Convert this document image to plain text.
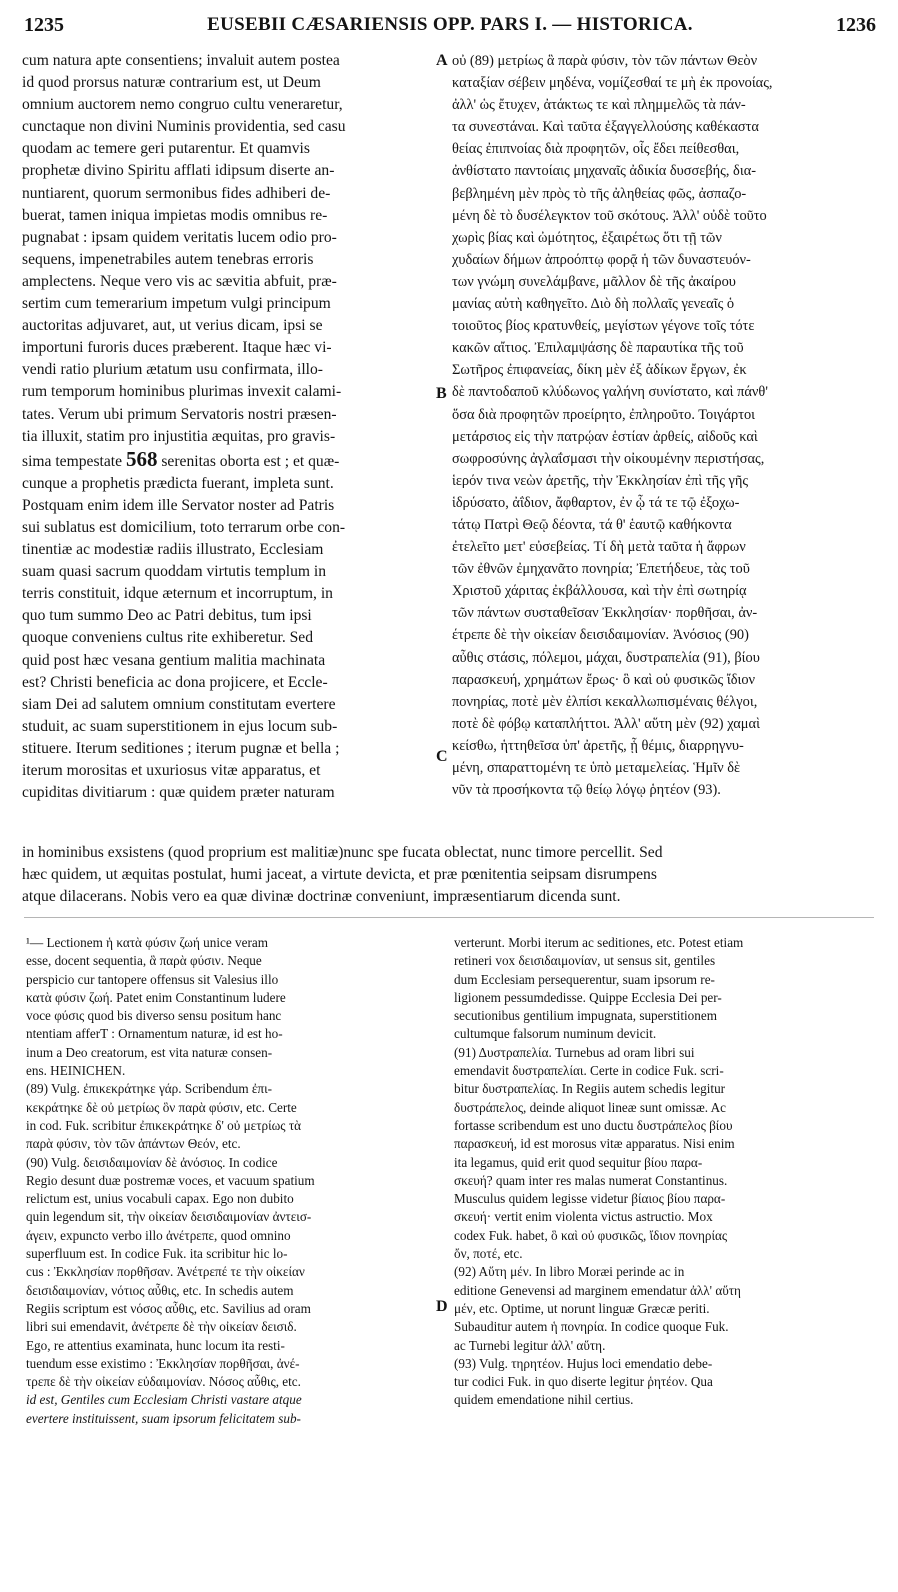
1235	EUSEBII CÆSARIENSIS OPP. PARS I. — HISTORICA.	1236
A
B
C
D
cum natura apte consentiens; invaluit autem postea
id quod prorsus naturæ contrarium est, ut Deum
omnium auctorem nemo congruo cultu veneraretur,
cunctaque non divini Numinis providentia, sed casu
quodam ac temere geri putarentur. Et quamvis
prophetæ divino Spiritu afflati idipsum diserte an-
nuntiarent, quorum sermonibus fides adhiberi de-
buerat, tamen iniqua impietas modis omnibus re-
pugnabat : ipsam quidem veritatis lucem odio pro-
sequens, impenetrabiles autem tenebras erroris
amplectens. Neque vero vis ac sævitia abfuit, præ-
sertim cum temerarium impetum vulgi principum
auctoritas adjuvaret, aut, ut verius dicam, ipsi se
importuni furoris duces præberent. Itaque hæc vi-
vendi ratio plurium ætatum usu confirmata, illo-
rum temporum hominibus plurimas invexit calami-
tates. Verum ubi primum Servatoris nostri præsen-
tia illuxit, statim pro injustitia æquitas, pro gravis-
sima tempestate 568 serenitas oborta est ; et quæ-
cunque a prophetis prædicta fuerant, impleta sunt.
Postquam enim idem ille Servator noster ad Patris
sui sublatus est domicilium, toto terrarum orbe con-
tinentiæ ac modestiæ radiis illustrato, Ecclesiam
suam quasi sacrum quoddam virtutis templum in
terris constituit, idque æternum et incorruptum, in
quo tum summo Deo ac Patri debitus, tum ipsi
quoque conveniens cultus rite exhiberetur. Sed
quid post hæc vesana gentium malitia machinata
est? Christi beneficia ac dona projicere, et Eccle-
siam Dei ad salutem omnium constitutam evertere
studuit, ac suam superstitionem in ejus locum sub-
stituere. Iterum seditiones ; iterum pugnæ et bella ;
iterum morositas et uxuriosus vitæ apparatus, et
cupiditas divitiarum : quæ quidem præter naturam
οὐ (89) μετρίως ἃ παρὰ φύσιν, τὸν τῶν πάντων Θεὸν
καταξίαν σέβειν μηδένα, νομίζεσθαί τε μὴ ἐκ προνοίας,
ἀλλ' ὡς ἔτυχεν, ἀτάκτως τε καὶ πλημμελῶς τὰ πάν-
τα συνεστάναι. Καὶ ταῦτα ἐξαγγελλούσης καθέκαστα
θείας ἐπιπνοίας διὰ προφητῶν, οἷς ἔδει πείθεσθαι,
ἀνθίστατο παντοίαις μηχαναῖς ἀδικία δυσσεβής, δια-
βεβλημένη μὲν πρὸς τὸ τῆς ἀληθείας φῶς, ἀσπαζο-
μένη δὲ τὸ δυσέλεγκτον τοῦ σκότους. Ἀλλ' οὐδὲ τοῦτο
χωρὶς βίας καὶ ὠμότητος, ἐξαιρέτως ὅτι τῇ τῶν
χυδαίων δήμων ἀπροόπτῳ φορᾷ ἡ τῶν δυναστευόν-
των γνώμη συνελάμβανε, μᾶλλον δὲ τῆς ἀκαίρου
μανίας αὐτὴ καθηγεῖτο. Διὸ δὴ πολλαῖς γενεαῖς ὁ
τοιοῦτος βίος κρατυνθείς, μεγίστων γέγονε τοῖς τότε
κακῶν αἴτιος. Ἐπιλαμψάσης δὲ παραυτίκα τῆς τοῦ
Σωτῆρος ἐπιφανείας, δίκη μὲν ἐξ ἀδίκων ἔργων, ἐκ
δὲ παντοδαποῦ κλύδωνος γαλήνη συνίστατο, καὶ πάνθ'
ὅσα διὰ προφητῶν προείρητο, ἐπληροῦτο. Τοιγάρτοι
μετάρσιος εἰς τὴν πατρῴαν ἑστίαν ἀρθείς, αἰδοῦς καὶ
σωφροσύνης ἀγλαΐσμασι τὴν οἰκουμένην περιστήσας,
ἱερόν τινα νεὼν ἀρετῆς, τὴν Ἐκκλησίαν ἐπὶ τῆς γῆς
ἱδρύσατο, ἀΐδιον, ἄφθαρτον, ἐν ᾧ τά τε τῷ ἐξοχω-
τάτῳ Πατρὶ Θεῷ δέοντα, τά θ' ἑαυτῷ καθήκοντα
ἐτελεῖτο μετ' εὐσεβείας. Τί δὴ μετὰ ταῦτα ἡ ἄφρων
τῶν ἐθνῶν ἐμηχανᾶτο πονηρία; Ἐπετήδευε, τὰς τοῦ
Χριστοῦ χάριτας ἐκβάλλουσα, καὶ τὴν ἐπὶ σωτηρίᾳ
τῶν πάντων συσταθεῖσαν Ἐκκλησίαν· πορθῆσαι, ἀν-
έτρεπε δὲ τὴν οἰκείαν δεισιδαιμονίαν. Ἀνόσιος (90)
αὖθις στάσις, πόλεμοι, μάχαι, δυστραπελία (91), βίου
παρασκευή, χρημάτων ἔρως· ὃ καὶ οὐ φυσικῶς ἴδιον
πονηρίας, ποτὲ μὲν ἐλπίσι κεκαλλωπισμέναις θέλγοι,
ποτὲ δὲ φόβῳ καταπλήττοι. Ἀλλ' αὕτη μὲν (92) χαμαὶ
κείσθω, ἡττηθεῖσα ὑπ' ἀρετῆς, ᾗ θέμις, διαρρηγνυ-
μένη, σπαραττομένη τε ὑπὸ μεταμελείας. Ἡμῖν δὲ
νῦν τὰ προσήκοντα τῷ θείῳ λόγῳ ῥητέον (93).
in hominibus exsistens (quod proprium est malitiæ)nunc spe fucata oblectat, nunc timore percellit. Sed
hæc quidem, ut æquitas postulat, humi jaceat, a virtute devicta, et præ pœnitentia seipsam disrumpens
atque dilacerans. Nobis vero ea quæ divinæ doctrinæ conveniunt, impræsentiarum dicenda sunt.
¹— Lectionem ἡ κατὰ φύσιν ζωή unice veram
esse, docent sequentia, ἃ παρὰ φύσιν. Neque
perspicio cur tantopere offensus sit Valesius illo
κατὰ φύσιν ζωή. Patet enim Constantinum ludere
voce φύσις quod bis diverso sensu positum hanc
ntentiam afferT : Ornamentum naturæ, id est ho-
inum a Deo creatorum, est vita naturæ consen-
ens. HEINICHEN.
(89) Vulg. ἐπικεκράτηκε γάρ. Scribendum ἐπι-
κεκράτηκε δὲ οὐ μετρίως ὃν παρὰ φύσιν, etc. Certe
in cod. Fuk. scribitur ἐπικεκράτηκε δ' οὐ μετρίως τὰ
παρὰ φύσιν, τὸν τῶν ἁπάντων Θεόν, etc.
(90) Vulg. δεισιδαιμονίαν δὲ ἀνόσιος. In codice
Regio desunt duæ postremæ voces, et vacuum spatium
relictum est, unius vocabuli capax. Ego non dubito
quin legendum sit, τὴν οἰκείαν δεισιδαιμονίαν ἀντεισ-
άγειν, expuncto verbo illo ἀνέτρεπε, quod omnino
superfluum est. In codice Fuk. ita scribitur hic lo-
cus : Ἐκκλησίαν πορθῆσαν. Ἀνέτρεπέ τε τὴν οἰκείαν
δεισιδαιμονίαν, νότιος αὖθις, etc. In schedis autem
Regiis scriptum est νόσος αὖθις, etc. Savilius ad oram
libri sui emendavit, ἀνέτρεπε δὲ τὴν οἰκείαν δεισιδ.
Ego, re attentius examinata, hunc locum ita resti-
tuendum esse existimo : Ἐκκλησίαν πορθῆσαι, ἀνέ-
τρεπε δὲ τὴν οἰκείαν εὐδαιμονίαν. Νόσος αὖθις, etc.
id est, Gentiles cum Ecclesiam Christi vastare atque
evertere instituissent, suam ipsorum felicitatem sub-
verterunt. Morbi iterum ac seditiones, etc. Potest etiam
retineri vox δεισιδαιμονίαν, ut sensus sit, gentiles
dum Ecclesiam persequerentur, suam ipsorum re-
ligionem pessumdedisse. Quippe Ecclesia Dei per-
secutionibus gentilium impugnata, superstitionem
cultumque falsorum numinum devicit.
(91) Δυστραπελία. Turnebus ad oram libri sui
emendavit δυστραπελίαι. Certe in codice Fuk. scri-
bitur δυστραπελίας. In Regiis autem schedis legitur
δυστράπελος, deinde aliquot lineæ sunt omissæ. Ac
fortasse scribendum est uno ductu δυστράπελος βίου
παρασκευή, id est morosus vitæ apparatus. Nisi enim
ita legamus, quid erit quod sequitur βίου παρα-
σκευή? quam inter res malas numerat Constantinus.
Musculus quidem legisse videtur βίαιος βίου παρα-
σκευή· vertit enim violenta victus astructio. Mox
codex Fuk. habet, ὃ καὶ οὐ φυσικῶς, ἴδιον πονηρίας
ὄν, ποτέ, etc.
(92) Αὕτη μέν. In libro Moræi perinde ac in
editione Genevensi ad marginem emendatur ἀλλ' αὕτη
μέν, etc. Optime, ut norunt linguæ Græcæ periti.
Subauditur autem ἡ πονηρία. In codice quoque Fuk.
ac Turnebi legitur ἀλλ' αὕτη.
(93) Vulg. τηρητέον. Hujus loci emendatio debe-
tur codici Fuk. in quo diserte legitur ῥητέον. Qua
quidem emendatione nihil certius.
